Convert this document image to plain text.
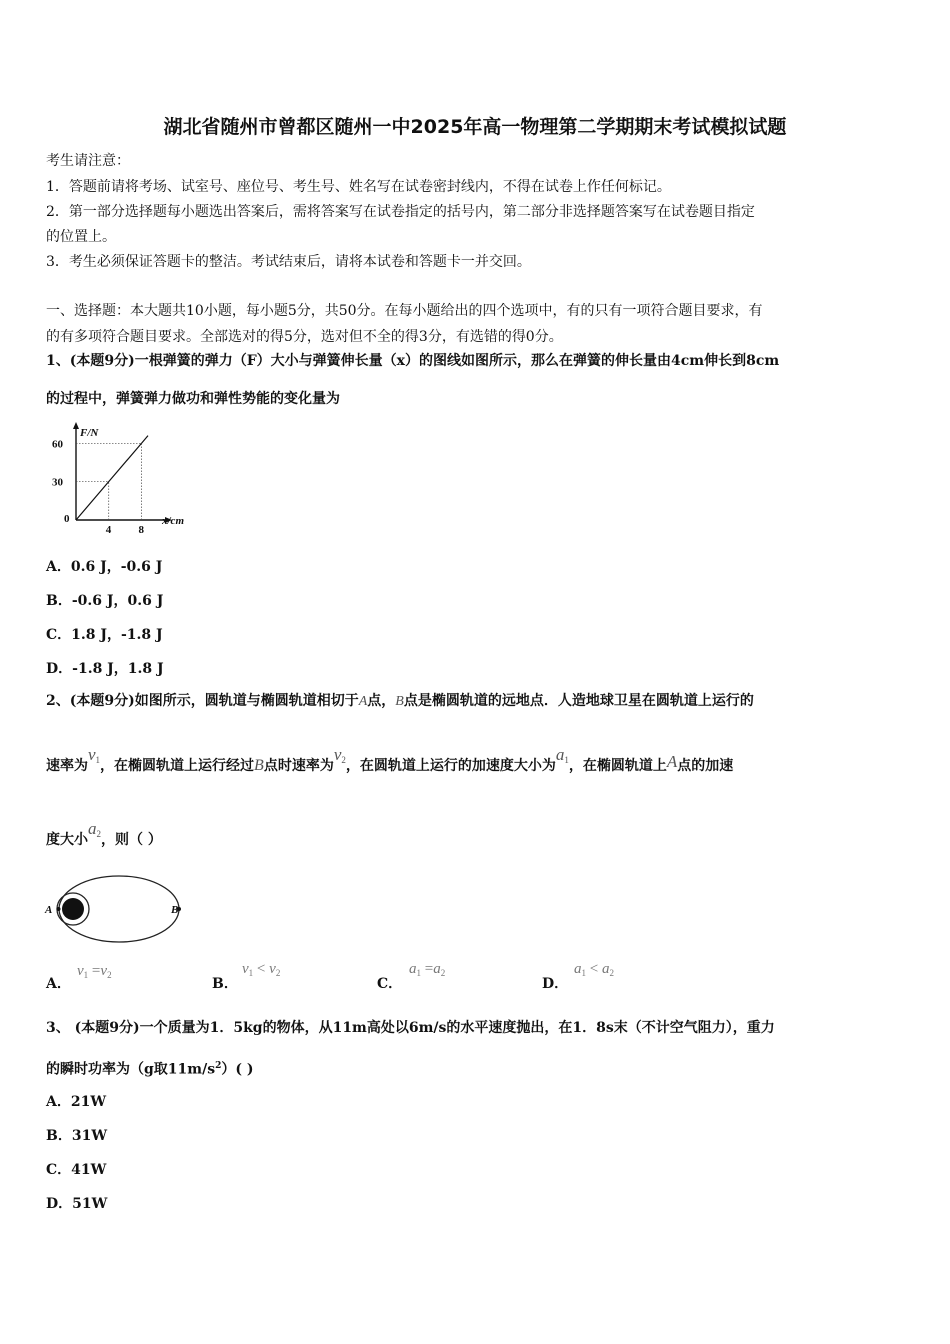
湖北省随州市曾都区随州一中2025年高一物理第二学期期末考试模拟试题
考生请注意：
1．答题前请将考场、试室号、座位号、考生号、姓名写在试卷密封线内，不得在试卷上作任何标记。
2．第一部分选择题每小题选出答案后，需将答案写在试卷指定的括号内，第二部分非选择题答案写在试卷题目指定
的位置上。
3．考生必须保证答题卡的整洁。考试结束后，请将本试卷和答题卡一并交回。
一、选择题：本大题共10小题，每小题5分，共50分。在每小题给出的四个选项中，有的只有一项符合题目要求，有
的有多项符合题目要求。全部选对的得5分，选对但不全的得3分，有选错的得0分。
1、(本题9分)一根弹簧的弹力（F）大小与弹簧伸长量（x）的图线如图所示，那么在弹簧的伸长量由4cm伸长到8cm
的过程中，弹簧弹力做功和弹性势能的变化量为
0
4 8
30
60
F/N
x/cm
A．0.6 J，-0.6 J
B．-0.6 J，0.6 J
C．1.8 J，-1.8 J
D．-1.8 J，1.8 J
2、(本题9分)如图所示，圆轨道与椭圆轨道相切于A点，B点是椭圆轨道的远地点．人造地球卫星在圆轨道上运行的
速率为$v_1$，在椭圆轨道上运行经过B点时速率为$v_2$，在圆轨道上运行的加速度大小为$a_1$，在椭圆轨道上A点的加速
度大小$a_2$，则（ ）
A	B
A．
$v_1 =v_2$
B．
$v_1 < v_2$
C．
$a_1 =a_2$
D．
$a_1 < a_2$
3、 (本题9分)一个质量为1．5kg的物体，从11m高处以6m/s的水平速度抛出，在1．8s末（不计空气阻力），重力
的瞬时功率为（g取$11m/s^2$）( )
A．21W
B．31W
C．41W
D．51W
